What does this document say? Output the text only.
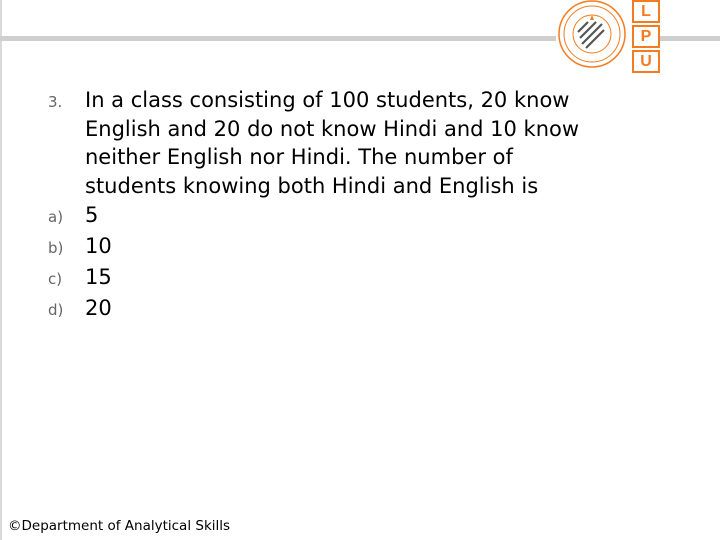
L
P
U
3.	In a class consisting of 100 students, 20 know
English and 20 do not know Hindi and 10 know
neither English nor Hindi. The number of
students knowing both Hindi and English is
a)	5
b)	10
c)	15
d)	20
©Department of Analytical Skills
